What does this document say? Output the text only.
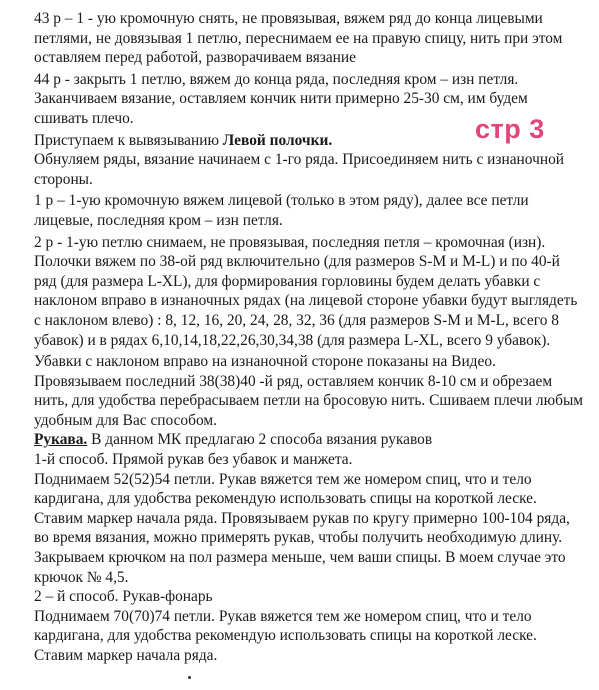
43 р – 1 - ую кромочную снять, не провязывая, вяжем ряд до конца лицевыми петлями, не довязывая 1 петлю, переснимаем ее на правую спицу, нить при этом оставляем перед работой, разворачиваем вязание

44 р - закрыть 1 петлю, вяжем до конца ряда, последняя кром – изн петля. Заканчиваем вязание, оставляем кончик нити примерно 25-30 см, им будем сшивать плечо.

Приступаем к вывязыванию Левой полочки.

Обнуляем ряды, вязание начинаем с 1-го ряда. Присоединяем нить с изнаночной стороны.

1 р – 1-ую кромочную вяжем лицевой (только в этом ряду), далее все петли лицевые, последняя кром – изн петля.

2 р - 1-ую петлю снимаем, не провязывая, последняя петля – кромочная (изн). Полочки вяжем по 38-ой ряд включительно (для размеров S-M и M-L) и по 40-й ряд (для размера L-XL), для формирования горловины будем делать убавки с наклоном вправо в изнаночных рядах (на лицевой стороне убавки будут выглядеть с наклоном влево) : 8, 12, 16, 20, 24, 28, 32, 36 (для размеров S-M и M-L, всего 8 убавок) и в рядах 6,10,14,18,22,26,30,34,38 (для размера L-XL, всего 9 убавок).

Убавки с наклоном вправо на изнаночной стороне показаны на Видео. Провязываем последний 38(38)40 -й ряд, оставляем кончик 8-10 см и обрезаем нить, для удобства перебрасываем петли на бросовую нить. Сшиваем плечи любым удобным для Вас способом.

Рукава. В данном МК предлагаю 2 способа вязания рукавов

1-й способ. Прямой рукав без убавок и манжета.

Поднимаем 52(52)54 петли. Рукав вяжется тем же номером спиц, что и тело кардигана, для удобства рекомендую использовать спицы на короткой леске. Ставим маркер начала ряда. Провязываем рукав по кругу примерно 100-104 ряда, во время вязания, можно примерять рукав, чтобы получить необходимую длину. Закрываем крючком на пол размера меньше, чем ваши спицы. В моем случае это крючок № 4,5.

2 – й способ. Рукав-фонарь

Поднимаем 70(70)74 петли. Рукав вяжется тем же номером спиц, что и тело кардигана, для удобства рекомендую использовать спицы на короткой леске. Ставим маркер начала ряда.

стр 3
